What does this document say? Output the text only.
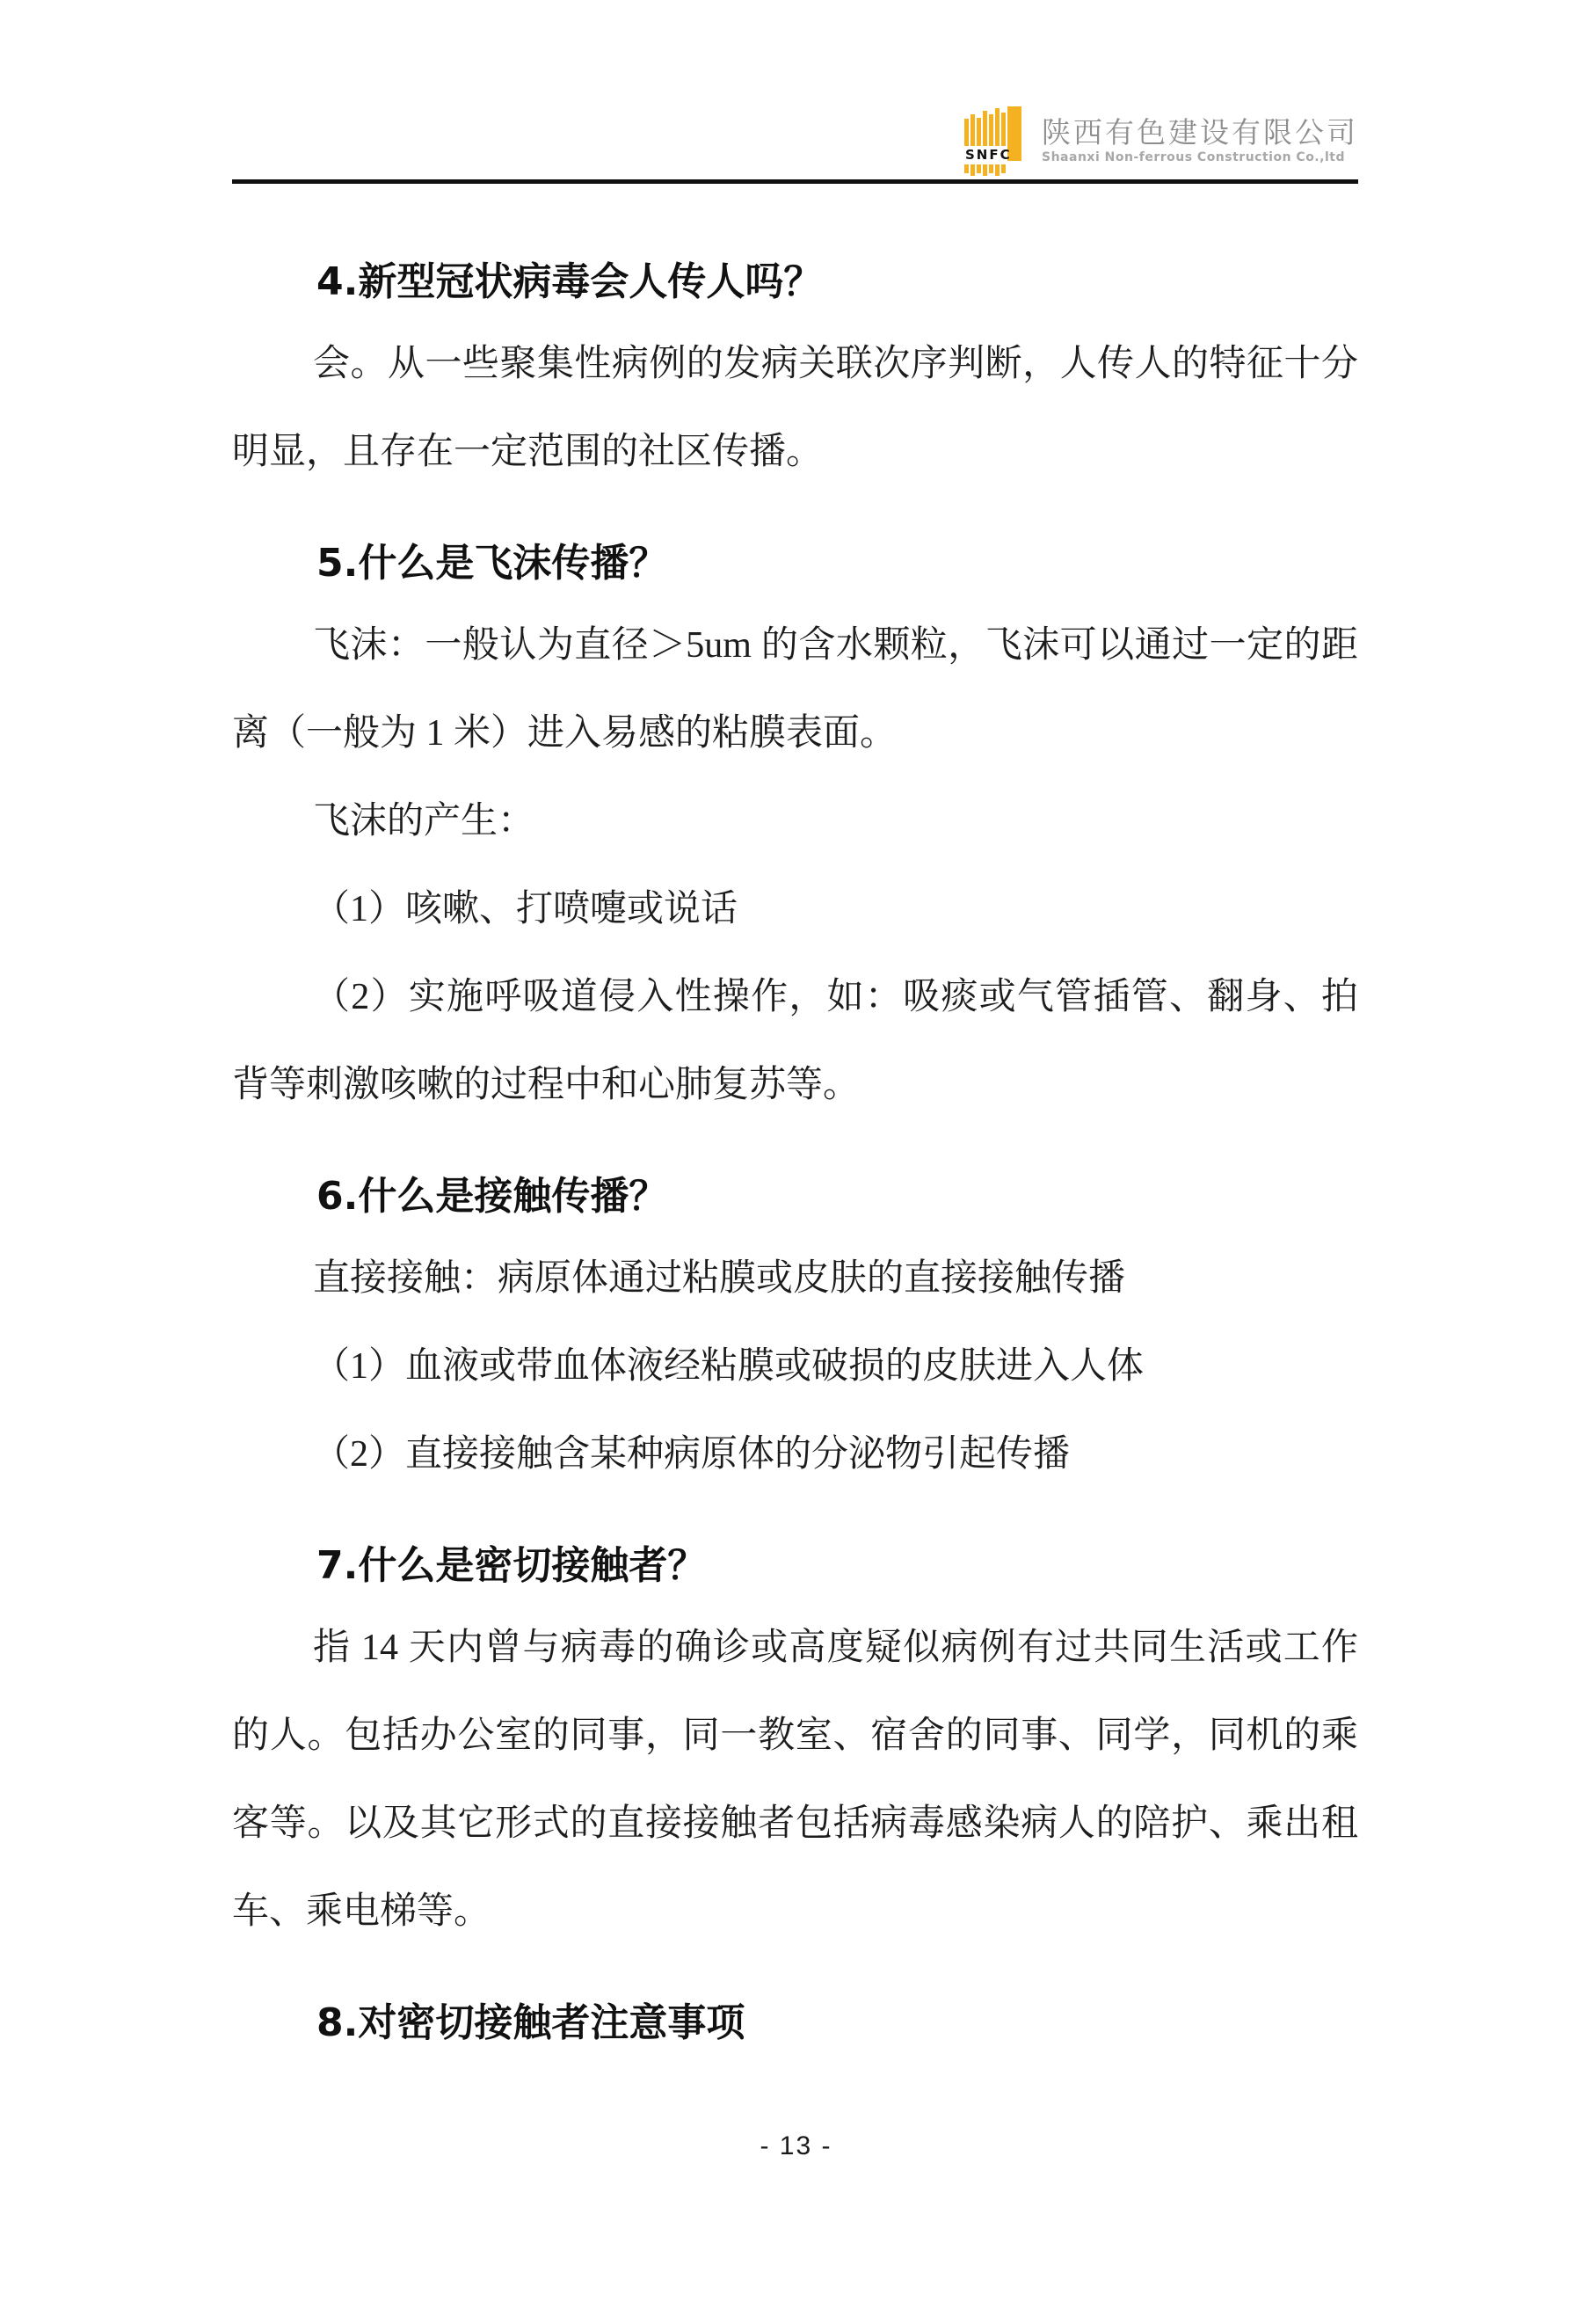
SNFC
陕西有色建设有限公司
Shaanxi Non-ferrous Construction Co.,ltd
4.新型冠状病毒会人传人吗？

会。从一些聚集性病例的发病关联次序判断，人传人的特征十分明显，且存在一定范围的社区传播。

5.什么是飞沫传播？

飞沫：一般认为直径＞5um 的含水颗粒，飞沫可以通过一定的距离（一般为 1 米）进入易感的粘膜表面。

飞沫的产生：

（1）咳嗽、打喷嚏或说话

（2）实施呼吸道侵入性操作，如：吸痰或气管插管、翻身、拍背等刺激咳嗽的过程中和心肺复苏等。

6.什么是接触传播？

直接接触：病原体通过粘膜或皮肤的直接接触传播

（1）血液或带血体液经粘膜或破损的皮肤进入人体

（2）直接接触含某种病原体的分泌物引起传播

7.什么是密切接触者？

指 14 天内曾与病毒的确诊或高度疑似病例有过共同生活或工作的人。包括办公室的同事，同一教室、宿舍的同事、同学，同机的乘客等。以及其它形式的直接接触者包括病毒感染病人的陪护、乘出租车、乘电梯等。

8.对密切接触者注意事项
- 13 -
